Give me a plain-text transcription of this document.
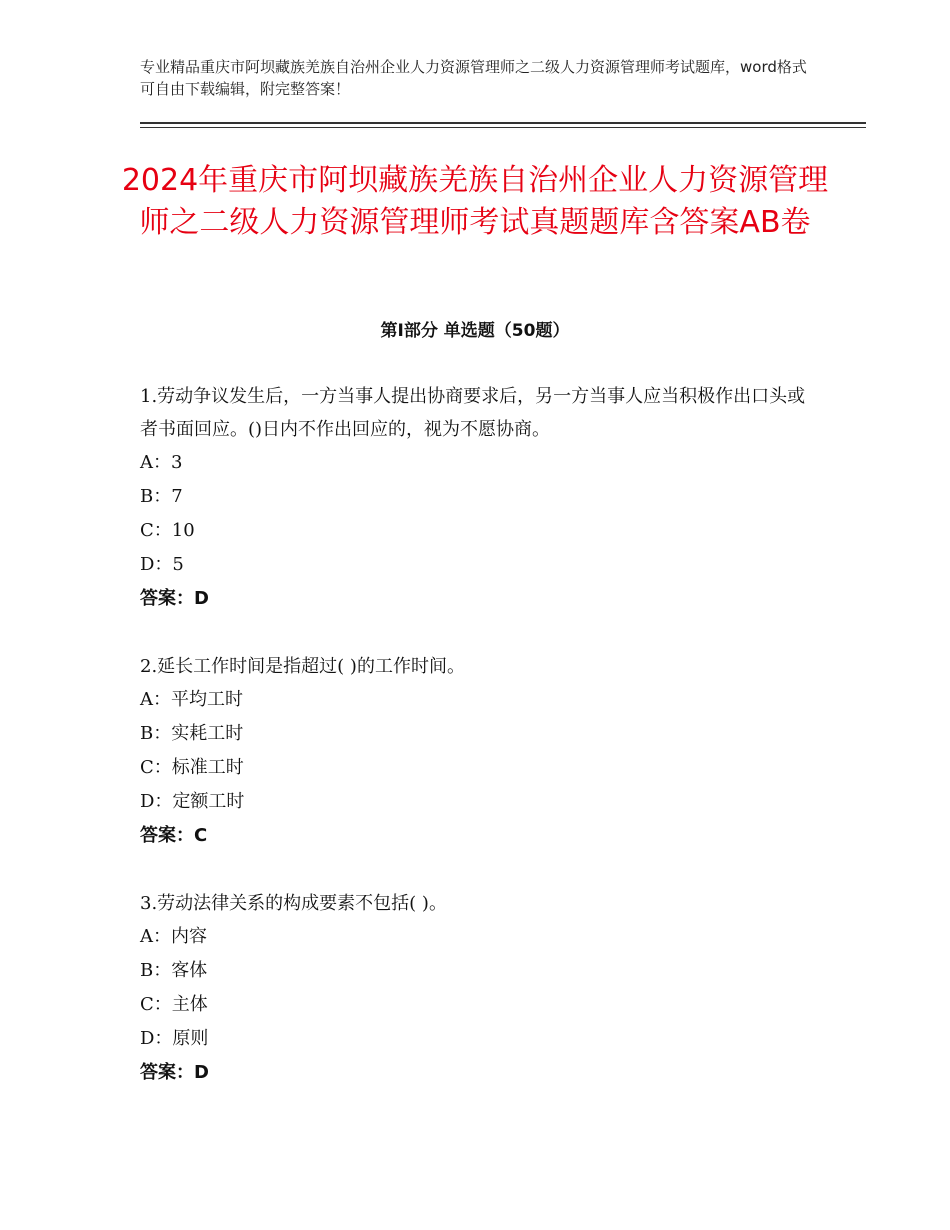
专业精品重庆市阿坝藏族羌族自治州企业人力资源管理师之二级人力资源管理师考试题库，word格式可自由下载编辑，附完整答案！
2024年重庆市阿坝藏族羌族自治州企业人力资源管理师之二级人力资源管理师考试真题题库含答案AB卷
第Ⅰ部分 单选题（50题）
1.劳动争议发生后，一方当事人提出协商要求后，另一方当事人应当积极作出口头或者书面回应。()日内不作出回应的，视为不愿协商。
A：3
B：7
C：10
D：5
答案：D
2.延长工作时间是指超过( )的工作时间。
A：平均工时
B：实耗工时
C：标准工时
D：定额工时
答案：C
3.劳动法律关系的构成要素不包括( )。
A：内容
B：客体
C：主体
D：原则
答案：D
